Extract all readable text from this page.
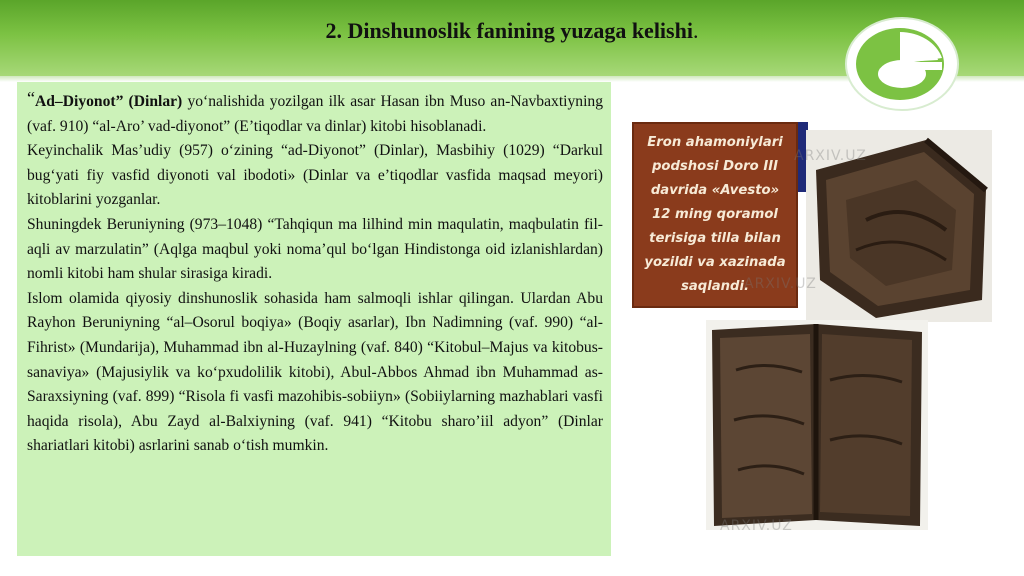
2. Dinshunoslik fanining yuzaga kelishi.

“Ad–Diyonot” (Dinlar) yo‘nalishida yozilgan ilk asar Hasan ibn Muso an-Navbaxtiyning (vaf. 910) “al-Aro’ vad-diyonot” (E’tiqodlar va dinlar) kitobi hisoblanadi.

Keyinchalik Mas’udiy (957) o‘zining “ad-Diyonot” (Dinlar), Masbihiy (1029) “Darkul bug‘yati fiy vasfid diyonoti val ibodoti» (Dinlar va e’tiqodlar vasfida maqsad meyori) kitoblarini yozganlar.

Shuningdek Beruniyning (973–1048) “Tahqiqun ma lilhind min maqulatin, maqbulatin fil-aqli av marzulatin” (Aqlga maqbul yoki noma’qul bo‘lgan Hindistonga oid izlanishlardan) nomli kitobi ham shular sirasiga kiradi.

Islom olamida qiyosiy dinshunoslik sohasida ham salmoqli ishlar qilingan. Ulardan Abu Rayhon Beruniyning “al–Osorul boqiya» (Boqiy asarlar), Ibn Nadimning (vaf. 990) “al-Fihrist» (Mundarija), Muhammad ibn al-Huzaylning (vaf. 840) “Kitobul–Majus va kitobus-sanaviya» (Majusiylik va ko‘pxudolilik kitobi), Abul-Abbos Ahmad ibn Muhammad as-Saraxsiyning (vaf. 899) “Risola fi vasfi mazohibis-sobiiyn» (Sobiiylarning mazhablari vasfi haqida risola), Abu Zayd al-Balxiyning (vaf. 941) “Kitobu sharo’iil adyon” (Dinlar shariatlari kitobi) asrlarini sanab o‘tish mumkin.

Eron ahamoniylari podshosi Doro III davrida «Avesto» 12 ming qoramol terisiga tilla bilan yozildi va xazinada saqlandi.
ARXIV.UZ
ARXIV.UZ
ARXIV.UZ
